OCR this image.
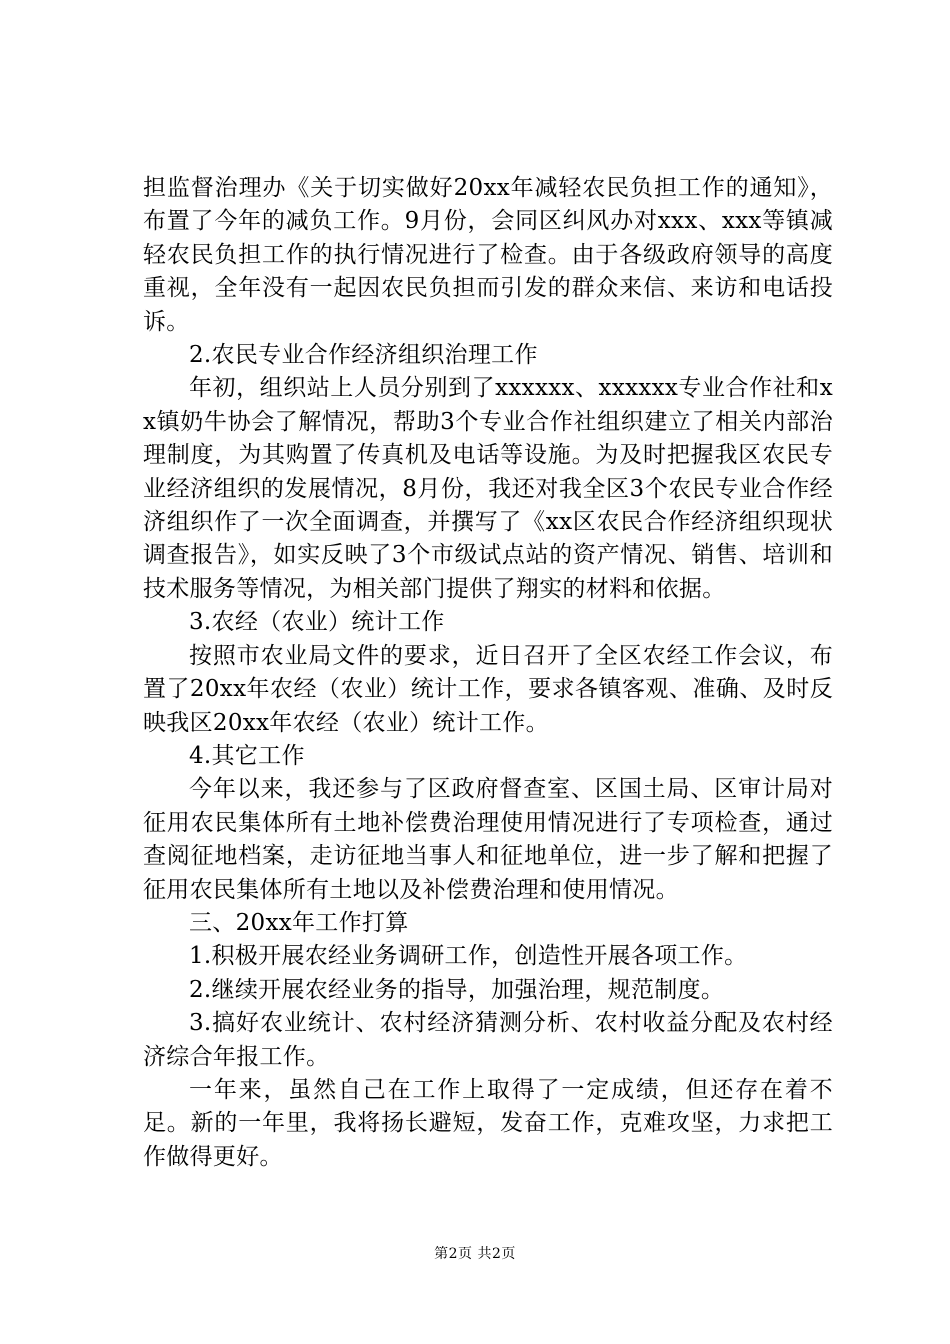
担监督治理办《关于切实做好20xx年减轻农民负担工作的通知》，布置了今年的减负工作。9月份，会同区纠风办对xxx、xxx等镇减轻农民负担工作的执行情况进行了检查。由于各级政府领导的高度重视，全年没有一起因农民负担而引发的群众来信、来访和电话投诉。

2.农民专业合作经济组织治理工作

年初，组织站上人员分别到了xxxxxx、xxxxxx专业合作社和xx镇奶牛协会了解情况，帮助3个专业合作社组织建立了相关内部治理制度，为其购置了传真机及电话等设施。为及时把握我区农民专业经济组织的发展情况，8月份，我还对我全区3个农民专业合作经济组织作了一次全面调查，并撰写了《xx区农民合作经济组织现状调查报告》，如实反映了3个市级试点站的资产情况、销售、培训和技术服务等情况，为相关部门提供了翔实的材料和依据。

3.农经（农业）统计工作

按照市农业局文件的要求，近日召开了全区农经工作会议，布置了20xx年农经（农业）统计工作，要求各镇客观、准确、及时反映我区20xx年农经（农业）统计工作。

4.其它工作

今年以来，我还参与了区政府督查室、区国土局、区审计局对征用农民集体所有土地补偿费治理使用情况进行了专项检查，通过查阅征地档案，走访征地当事人和征地单位，进一步了解和把握了征用农民集体所有土地以及补偿费治理和使用情况。

三、20xx年工作打算

1.积极开展农经业务调研工作，创造性开展各项工作。

2.继续开展农经业务的指导，加强治理，规范制度。

3.搞好农业统计、农村经济猜测分析、农村收益分配及农村经济综合年报工作。

一年来，虽然自己在工作上取得了一定成绩，但还存在着不足。新的一年里，我将扬长避短，发奋工作，克难攻坚，力求把工作做得更好。

第2页 共2页
